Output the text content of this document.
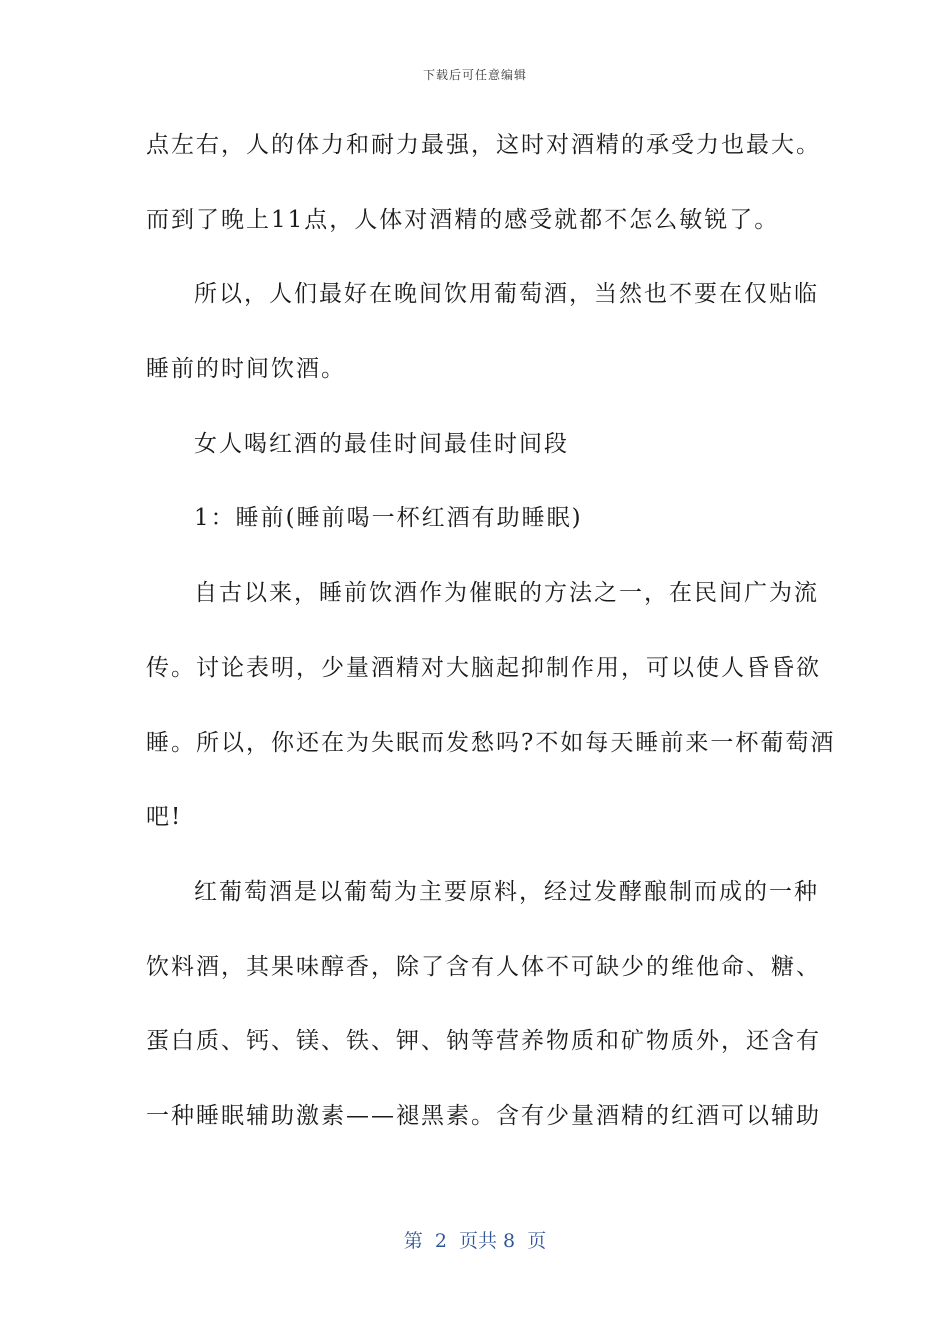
下载后可任意编辑
点左右，人的体力和耐力最强，这时对酒精的承受力也最大。
而到了晚上11点，人体对酒精的感受就都不怎么敏锐了。
所以，人们最好在晚间饮用葡萄酒，当然也不要在仅贴临
睡前的时间饮酒。
女人喝红酒的最佳时间最佳时间段
1：睡前(睡前喝一杯红酒有助睡眠)
自古以来，睡前饮酒作为催眠的方法之一，在民间广为流
传。讨论表明，少量酒精对大脑起抑制作用，可以使人昏昏欲
睡。所以，你还在为失眠而发愁吗?不如每天睡前来一杯葡萄酒
吧!
红葡萄酒是以葡萄为主要原料，经过发酵酿制而成的一种
饮料酒，其果味醇香，除了含有人体不可缺少的维他命、糖、
蛋白质、钙、镁、铁、钾、钠等营养物质和矿物质外，还含有
一种睡眠辅助激素——褪黑素。含有少量酒精的红酒可以辅助
第  2  页共 8  页
